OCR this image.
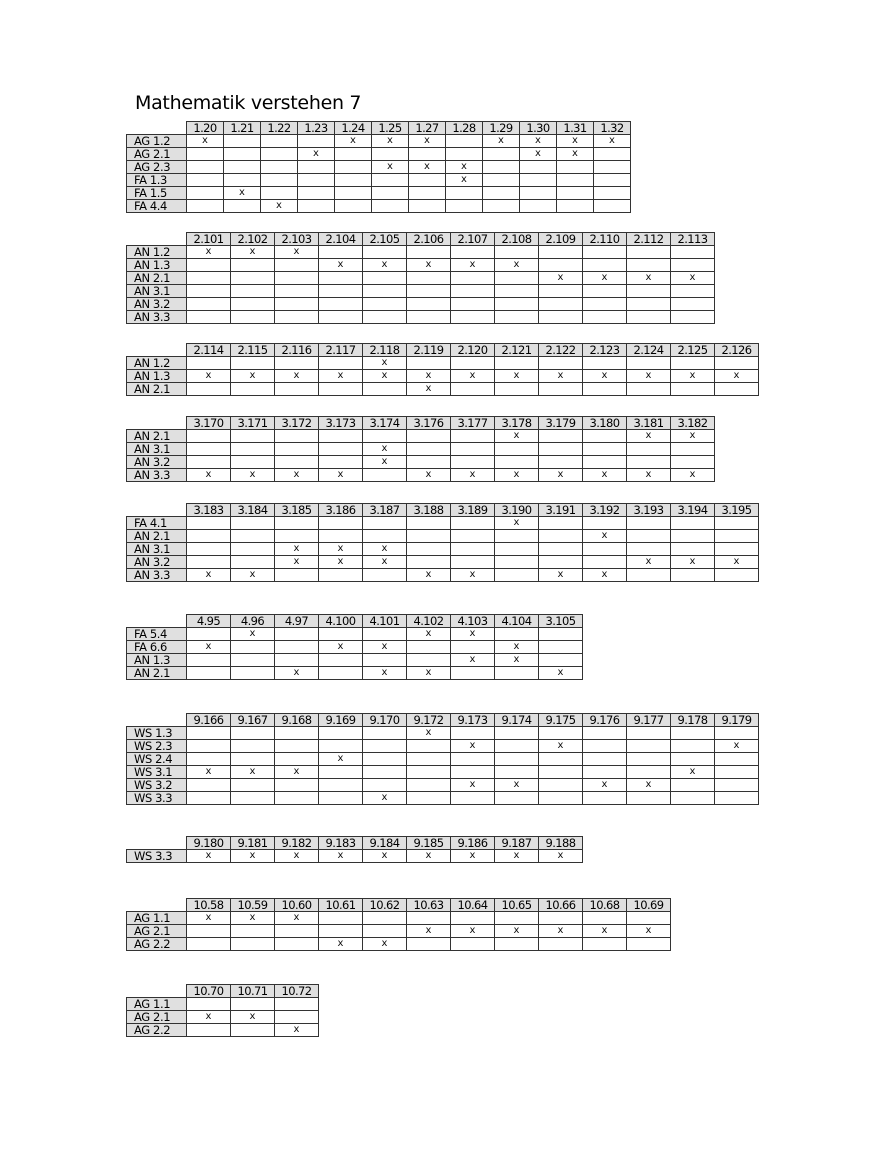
Mathematik verstehen 7
	1.20	1.21	1.22	1.23	1.24	1.25	1.27	1.28	1.29	1.30	1.31	1.32
AG 1.2	x				x	x	x		x	x	x	x
AG 2.1				x						x	x	
AG 2.3						x	x	x				
FA 1.3								x				
FA 1.5		x										
FA 4.4			x									
	2.101	2.102	2.103	2.104	2.105	2.106	2.107	2.108	2.109	2.110	2.112	2.113
AN 1.2	x	x	x									
AN 1.3				x	x	x	x	x				
AN 2.1									x	x	x	x
AN 3.1												
AN 3.2												
AN 3.3												
	2.114	2.115	2.116	2.117	2.118	2.119	2.120	2.121	2.122	2.123	2.124	2.125	2.126
AN 1.2					x								
AN 1.3	x	x	x	x	x	x	x	x	x	x	x	x	x
AN 2.1						x							
	3.170	3.171	3.172	3.173	3.174	3.176	3.177	3.178	3.179	3.180	3.181	3.182
AN 2.1								x			x	x
AN 3.1					x							
AN 3.2					x							
AN 3.3	x	x	x	x		x	x	x	x	x	x	x
	3.183	3.184	3.185	3.186	3.187	3.188	3.189	3.190	3.191	3.192	3.193	3.194	3.195
FA 4.1								x					
AN 2.1										x			
AN 3.1			x	x	x								
AN 3.2			x	x	x						x	x	x
AN 3.3	x	x				x	x		x	x			
	4.95	4.96	4.97	4.100	4.101	4.102	4.103	4.104	3.105
FA 5.4		x				x	x		
FA 6.6	x			x	x			x	
AN 1.3							x	x	
AN 2.1			x		x	x			x
	9.166	9.167	9.168	9.169	9.170	9.172	9.173	9.174	9.175	9.176	9.177	9.178	9.179
WS 1.3						x							
WS 2.3							x		x				x
WS 2.4				x									
WS 3.1	x	x	x									x	
WS 3.2							x	x		x	x		
WS 3.3					x								
	9.180	9.181	9.182	9.183	9.184	9.185	9.186	9.187	9.188
WS 3.3	x	x	x	x	x	x	x	x	x
	10.58	10.59	10.60	10.61	10.62	10.63	10.64	10.65	10.66	10.68	10.69
AG 1.1	x	x	x								
AG 2.1						x	x	x	x	x	x
AG 2.2				x	x						
	10.70	10.71	10.72
AG 1.1			
AG 2.1	x	x	
AG 2.2			x
